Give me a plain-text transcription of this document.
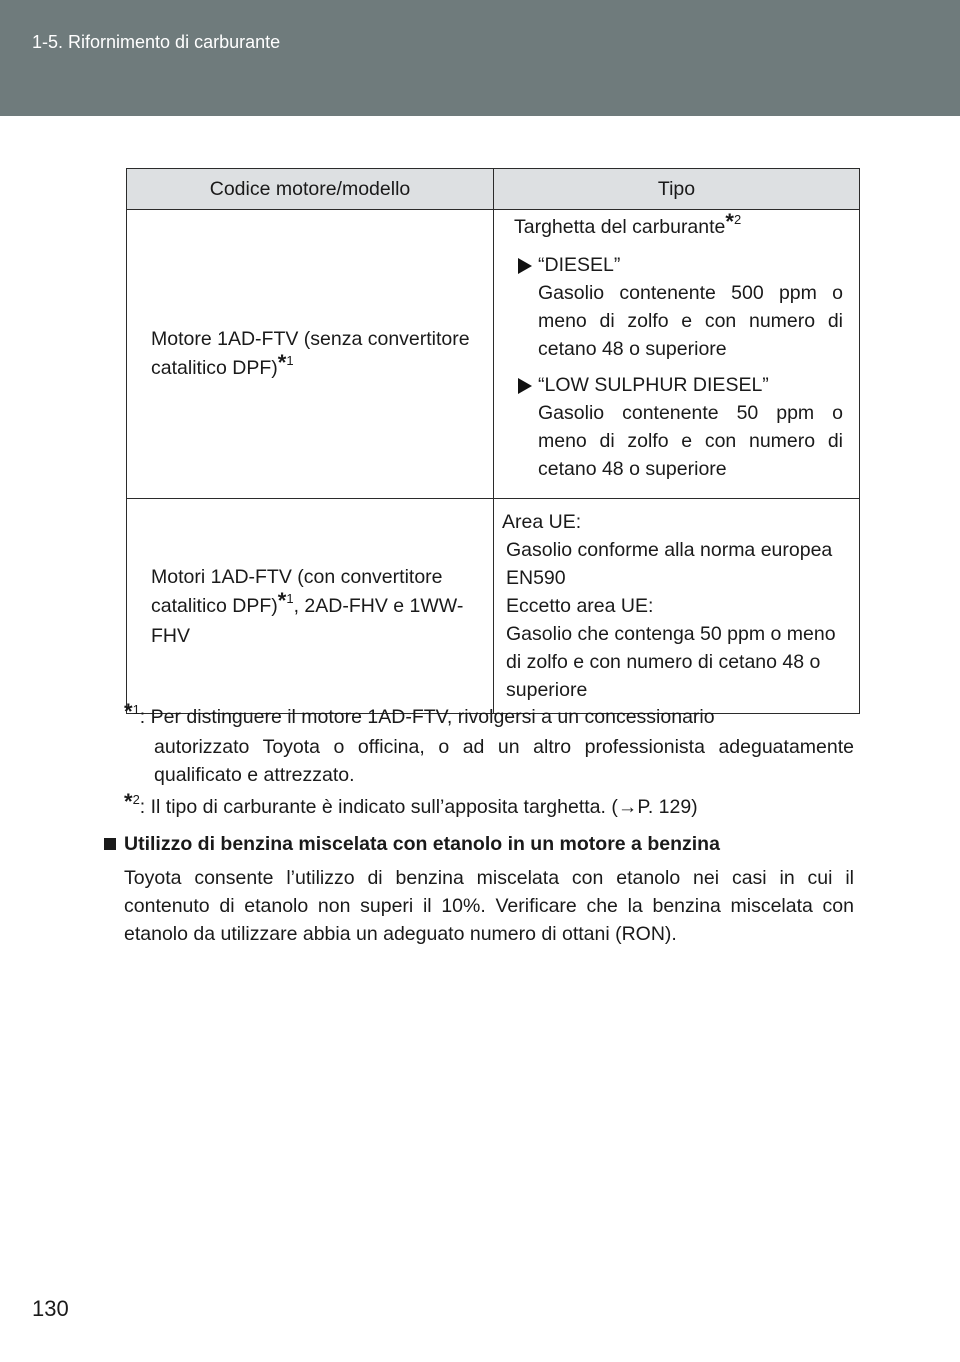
1-5. Rifornimento di carburante
Codice motore/modello	Tipo
Motore 1AD-FTV (senza convertitore catalitico DPF)*$^1$	Targhetta del carburante*$^2$
“DIESEL”
Gasolio contenente 500 ppm o meno di zolfo e con numero di cetano 48 o superiore
“LOW SULPHUR DIESEL”
Gasolio contenente 50 ppm o meno di zolfo e con numero di cetano 48 o superiore

Motori 1AD-FTV (con convertitore catalitico DPF)*$^1$, 2AD-FHV e 1WW-FHV	Area UE:
Gasolio conforme alla norma europea EN590
Eccetto area UE:
Gasolio che contenga 50 ppm o meno di zolfo e con numero di cetano 48 o superiore
*$^1$: Per distinguere il motore 1AD-FTV, rivolgersi a un concessionario
autorizzato Toyota o officina, o ad un altro professionista adeguatamente qualificato e attrezzato.
*$^2$: Il tipo di carburante è indicato sull’apposita targhetta. (→P. 129)
Utilizzo di benzina miscelata con etanolo in un motore a benzina
Toyota consente l’utilizzo di benzina miscelata con etanolo nei casi in cui il contenuto di etanolo non superi il 10%. Verificare che la benzina miscelata con etanolo da utilizzare abbia un adeguato numero di ottani (RON).
130
